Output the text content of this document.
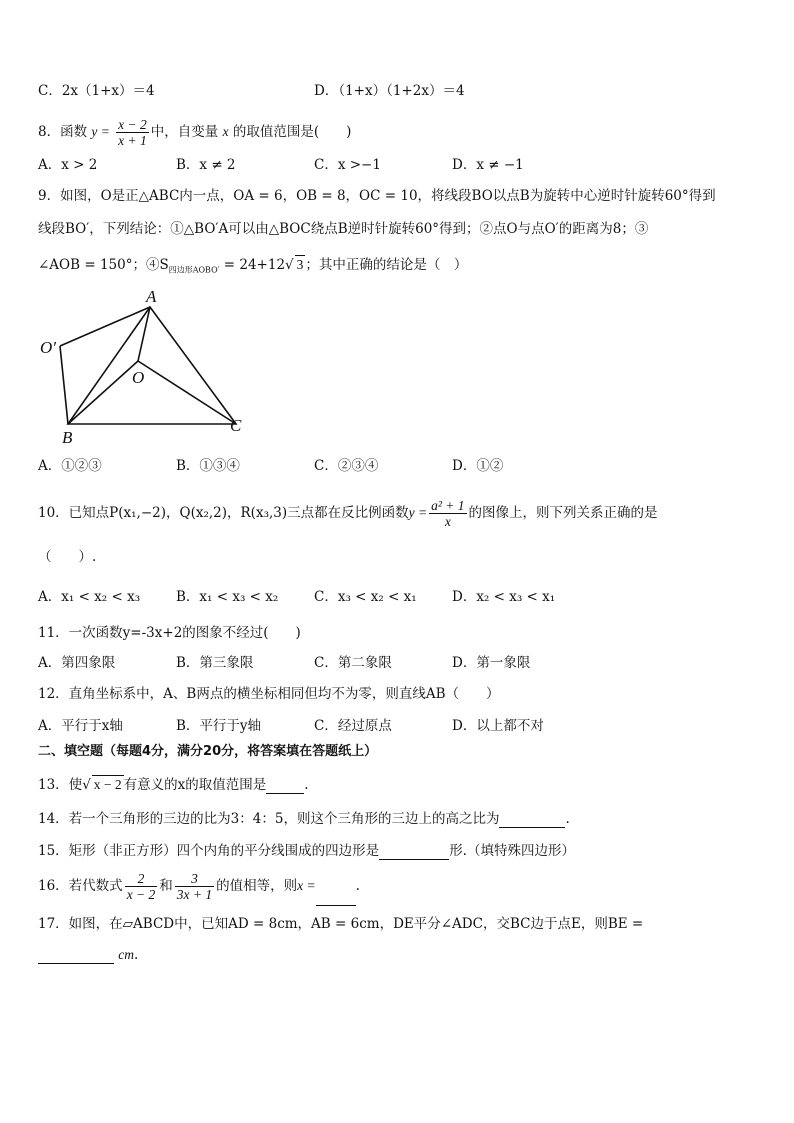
C．2x（1+x）＝4	D．（1+x）（1+2x）＝4
8．函数 $y = \frac{x - 2}{x + 1}$ 中，自变量 x 的取值范围是(　　)
A．x > 2	B．x ≠ 2	C．x >−1	D．x ≠ −1
9．如图，O是正△ABC内一点，OA = 6，OB = 8，OC = 10，将线段BO以点B为旋转中心逆时针旋转60°得到
线段BO′，下列结论：①△BO′A可以由△BOC绕点B逆时针旋转60°得到；②点O与点O′的距离为8；③
∠AOB = 150°；$④S_{四边形AOBO'} = 24+12√$ 3 ；其中正确的结论是（　）
A
O
O′
B
C
A．①②③	B．①③④	C．②③④	D．①②
10．已知点P(x₁,−2)，Q(x₂,2)，R(x₃,3)三点都在反比例函数$y = \frac{\text{a² + 1}}{x}$ 的图像上，则下列关系正确的是
（　　）.
A．x₁ < x₂ < x₃	B．x₁ < x₃ < x₂	C．x₃ < x₂ < x₁	D．x₂ < x₃ < x₁
11．一次函数y=-3x+2的图象不经过(　　)
A．第四象限	B．第三象限	C．第二象限	D．第一象限
12．直角坐标系中，A、B两点的横坐标相同但均不为零，则直线AB（　　）
A．平行于x轴	B．平行于y轴	C．经过原点	D．以上都不对
二、填空题（每题4分，满分20分，将答案填在答题纸上）
13．使√ x − 2 有意义的x的取值范围是	.
14．若一个三角形的三边的比为3：4：5，则这个三角形的三边上的高之比为	.
15．矩形（非正方形）四个内角的平分线围成的四边形是	形.（填特殊四边形）
16．若代数式 $\frac{2}{x - 2}$ 和 $\frac{3}{3x + 1}$ 的值相等，则x =	.
17．如图，在▱ABCD中，已知AD = 8cm，AB = 6cm，DE平分∠ADC，交BC边于点E，则BE =
cm.
